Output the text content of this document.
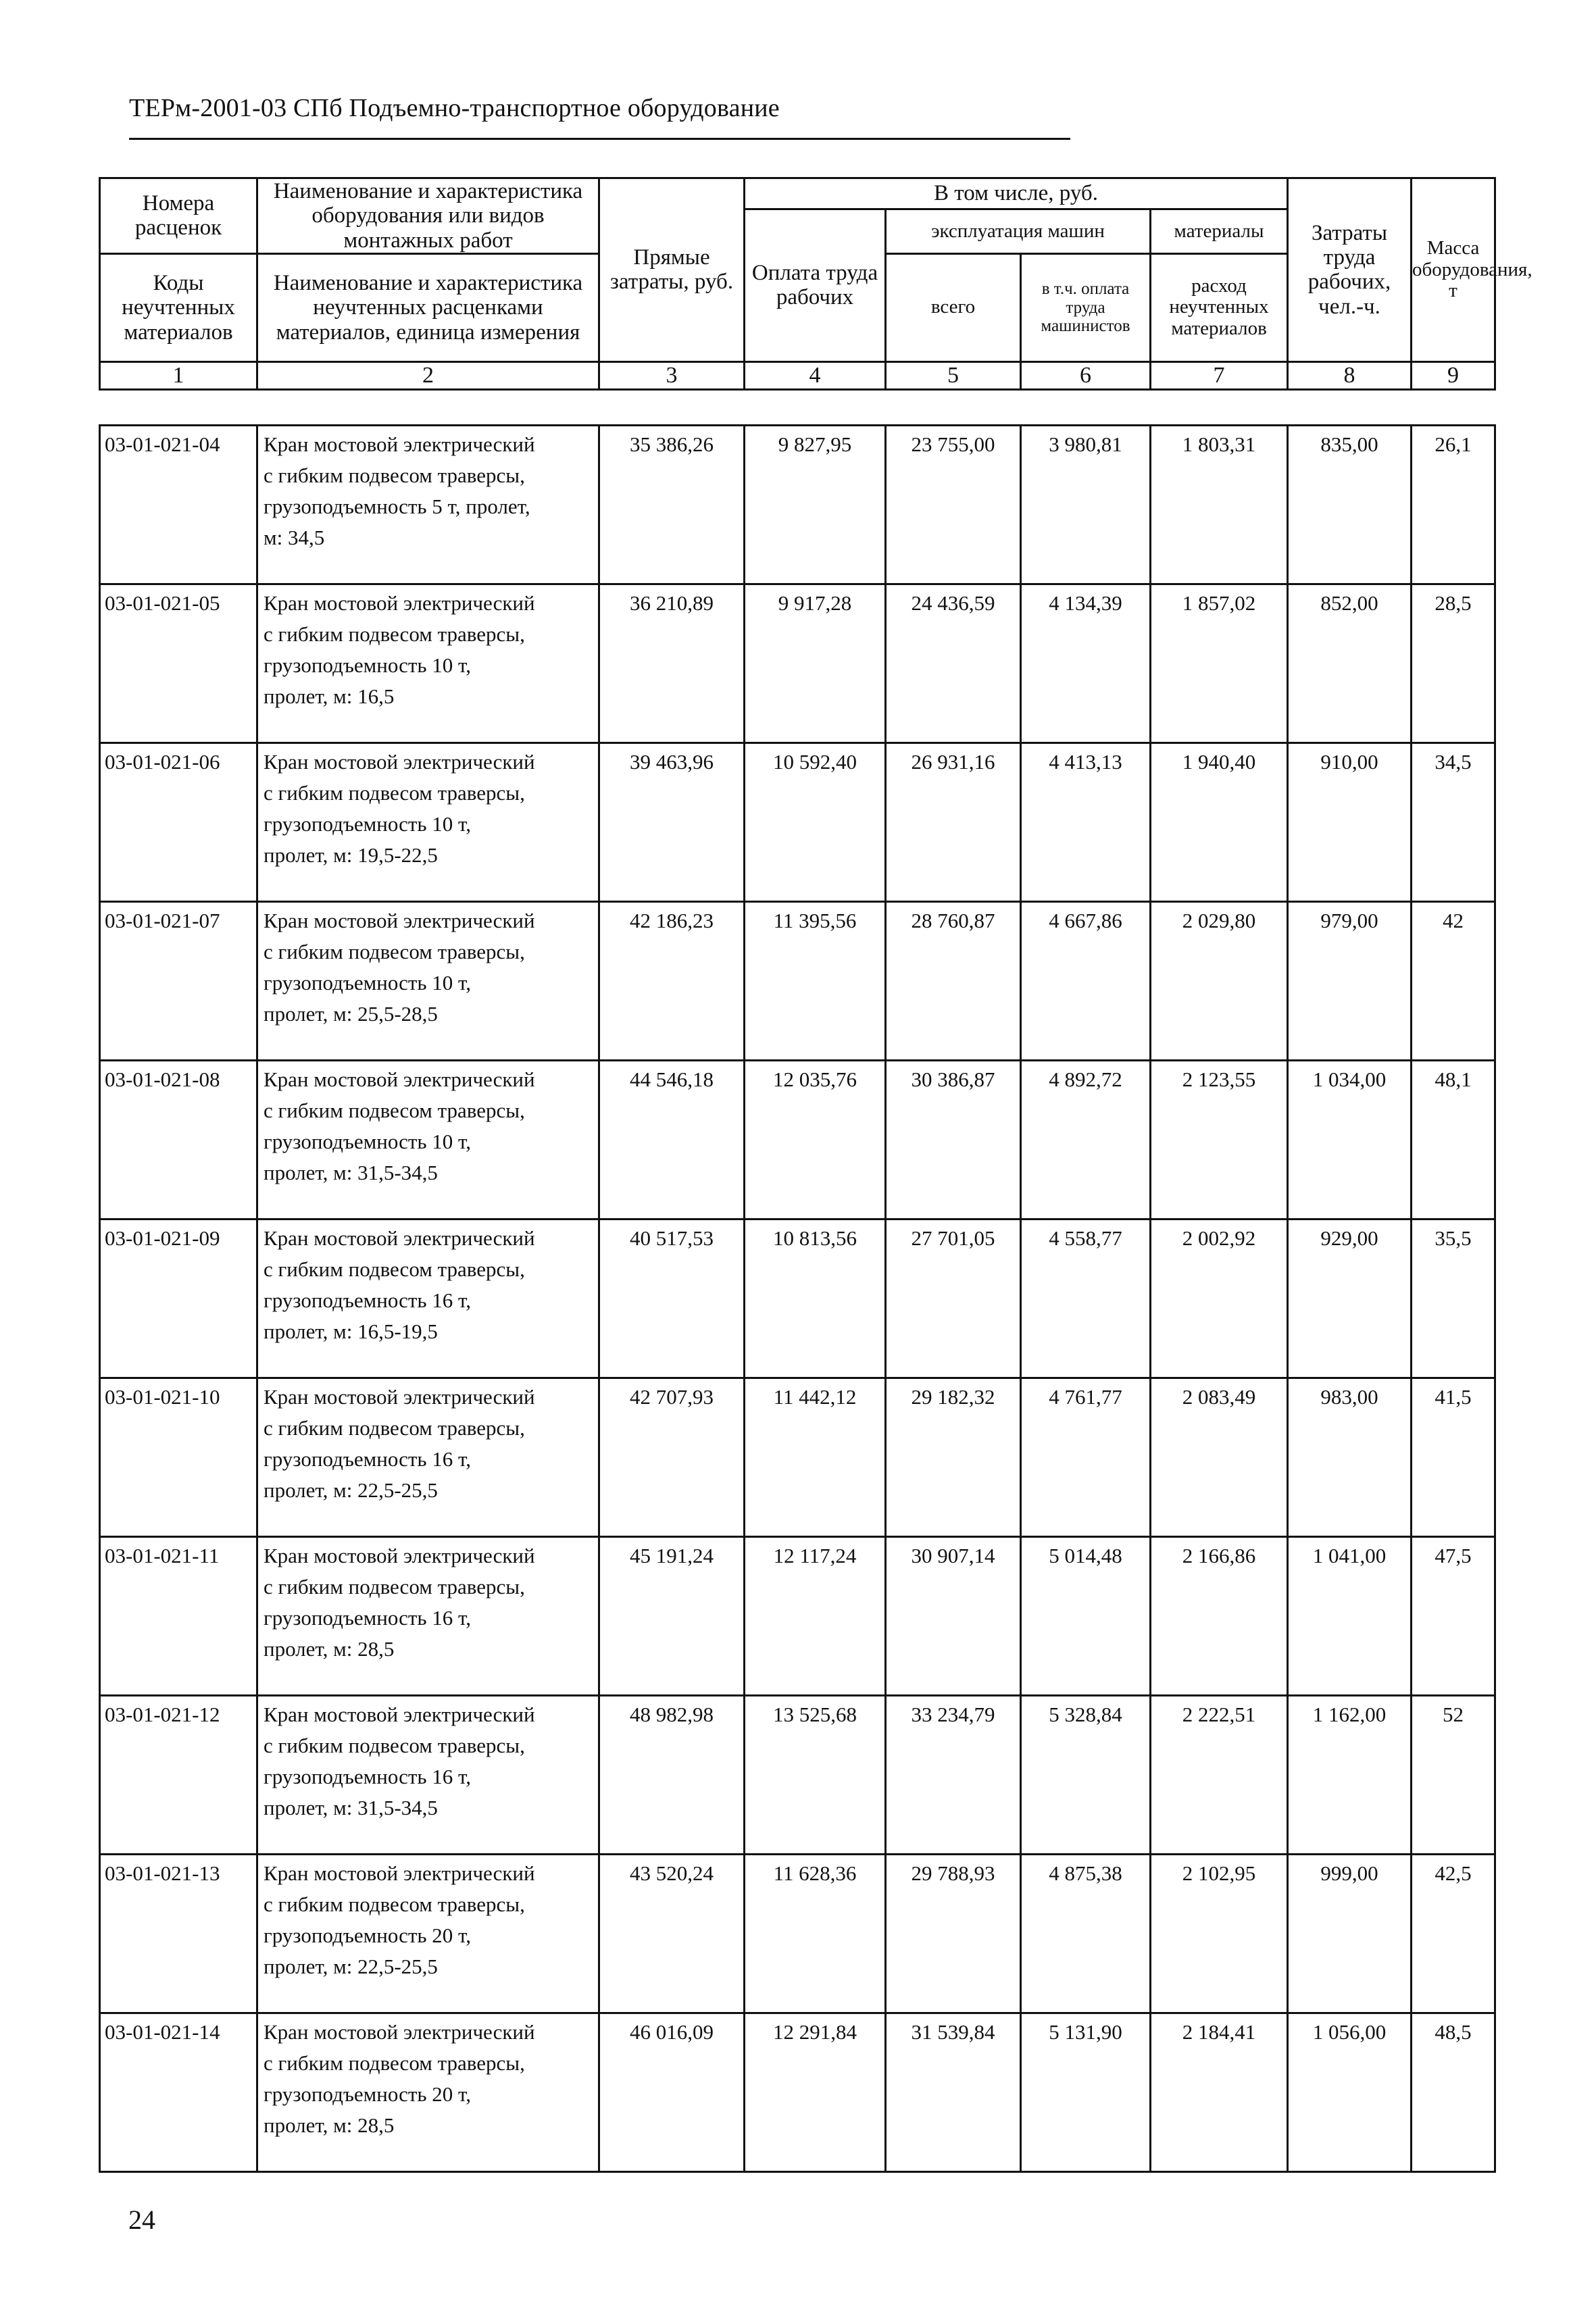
ТЕРм-2001-03 СПб Подъемно-транспортное оборудование
Номера расценок	Наименование и характеристика оборудования или видов монтажных работ	Прямые затраты, руб.	В том числе, руб.				Затраты труда рабочих, чел.-ч.	Масса оборудования, т
			Оплата труда рабочих	эксплуатация машин		материалы		
Коды неучтенных материалов	Наименование и характеристика неучтенных расценками материалов, единица измерения			всего	в т.ч. оплата труда машинистов	расход неучтенных материалов		

1	2	3	4	5	6	7	8	9
03-01-021-04	Кран мостовой электрический
с гибким подвесом траверсы,
грузоподъемность 5 т, пролет,
м: 34,5	35 386,26	9 827,95	23 755,00	3 980,81	1 803,31	835,00	26,1
03-01-021-05	Кран мостовой электрический
с гибким подвесом траверсы,
грузоподъемность 10 т,
пролет, м: 16,5	36 210,89	9 917,28	24 436,59	4 134,39	1 857,02	852,00	28,5
03-01-021-06	Кран мостовой электрический
с гибким подвесом траверсы,
грузоподъемность 10 т,
пролет, м: 19,5-22,5	39 463,96	10 592,40	26 931,16	4 413,13	1 940,40	910,00	34,5
03-01-021-07	Кран мостовой электрический
с гибким подвесом траверсы,
грузоподъемность 10 т,
пролет, м: 25,5-28,5	42 186,23	11 395,56	28 760,87	4 667,86	2 029,80	979,00	42
03-01-021-08	Кран мостовой электрический
с гибким подвесом траверсы,
грузоподъемность 10 т,
пролет, м: 31,5-34,5	44 546,18	12 035,76	30 386,87	4 892,72	2 123,55	1 034,00	48,1
03-01-021-09	Кран мостовой электрический
с гибким подвесом траверсы,
грузоподъемность 16 т,
пролет, м: 16,5-19,5	40 517,53	10 813,56	27 701,05	4 558,77	2 002,92	929,00	35,5
03-01-021-10	Кран мостовой электрический
с гибким подвесом траверсы,
грузоподъемность 16 т,
пролет, м: 22,5-25,5	42 707,93	11 442,12	29 182,32	4 761,77	2 083,49	983,00	41,5
03-01-021-11	Кран мостовой электрический
с гибким подвесом траверсы,
грузоподъемность 16 т,
пролет, м: 28,5	45 191,24	12 117,24	30 907,14	5 014,48	2 166,86	1 041,00	47,5
03-01-021-12	Кран мостовой электрический
с гибким подвесом траверсы,
грузоподъемность 16 т,
пролет, м: 31,5-34,5	48 982,98	13 525,68	33 234,79	5 328,84	2 222,51	1 162,00	52
03-01-021-13	Кран мостовой электрический
с гибким подвесом траверсы,
грузоподъемность 20 т,
пролет, м: 22,5-25,5	43 520,24	11 628,36	29 788,93	4 875,38	2 102,95	999,00	42,5
03-01-021-14	Кран мостовой электрический
с гибким подвесом траверсы,
грузоподъемность 20 т,
пролет, м: 28,5	46 016,09	12 291,84	31 539,84	5 131,90	2 184,41	1 056,00	48,5
24
